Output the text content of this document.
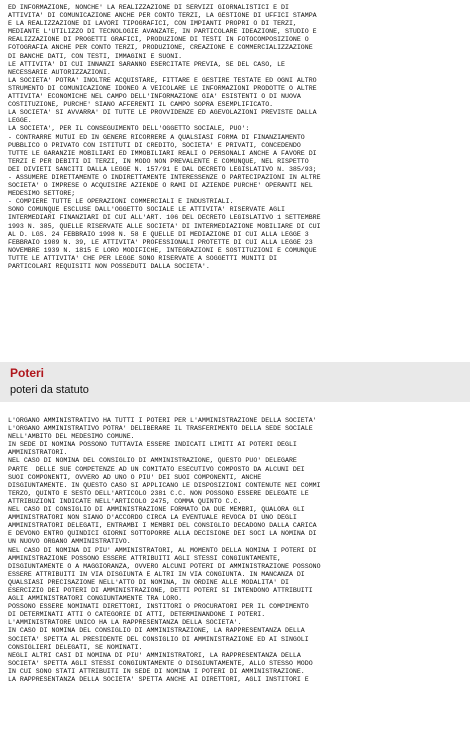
ED INFORMAZIONE, NONCHE' LA REALIZZAZIONE DI SERVIZI GIORNALISTICI E DI
ATTIVITA' DI COMUNICAZIONE ANCHE PER CONTO TERZI, LA GESTIONE DI UFFICI STAMPA
E LA REALIZZAZIONE DI LAVORI TIPOGRAFICI, CON IMPIANTI PROPRI O DI TERZI,
MEDIANTE L'UTILIZZO DI TECNOLOGIE AVANZATE, IN PARTICOLARE IDEAZIONE, STUDIO E
REALIZZAZIONE DI PROGETTI GRAFICI, PRODUZIONE DI TESTI IN FOTOCOMPOSIZIONE O
FOTOGRAFIA ANCHE PER CONTO TERZI, PRODUZIONE, CREAZIONE E COMMERCIALIZZAZIONE
DI BANCHE DATI, CON TESTI, IMMAGINI E SUONI.
LE ATTIVITA' DI CUI INNANZI SARANNO ESERCITATE PREVIA, SE DEL CASO, LE
NECESSARIE AUTORIZZAZIONI.
LA SOCIETA' POTRA' INOLTRE ACQUISTARE, FITTARE E GESTIRE TESTATE ED OGNI ALTRO
STRUMENTO DI COMUNICAZIONE IDONEO A VEICOLARE LE INFORMAZIONI PRODOTTE O ALTRE
ATTIVITA' ECONOMICHE NEL CAMPO DELL'INFORMAZIONE GIA' ESISTENTI O DI NUOVA
COSTITUZIONE, PURCHE' SIANO AFFERENTI IL CAMPO SOPRA ESEMPLIFICATO.
LA SOCIETA' SI AVVARRA' DI TUTTE LE PROVVIDENZE ED AGEVOLAZIONI PREVISTE DALLA
LEGGE.
LA SOCIETA', PER IL CONSEGUIMENTO DELL'OGGETTO SOCIALE, PUO':
- CONTRARRE MUTUI ED IN GENERE RICORRERE A QUALSIASI FORMA DI FINANZIAMENTO
PUBBLICO O PRIVATO CON ISTITUTI DI CREDITO, SOCIETA' E PRIVATI, CONCEDENDO
TUTTE LE GARANZIE MOBILIARI ED IMMOBILIARI REALI O PERSONALI ANCHE A FAVORE DI
TERZI E PER DEBITI DI TERZI, IN MODO NON PREVALENTE E COMUNQUE, NEL RISPETTO
DEI DIVIETI SANCITI DALLA LEGGE N. 157/91 E DAL DECRETO LEGISLATIVO N. 385/93;
- ASSUMERE DIRETTAMENTE O INDIRETTAMENTE INTERESSENZE O PARTECIPAZIONI IN ALTRE
SOCIETA' O IMPRESE O ACQUISIRE AZIENDE O RAMI DI AZIENDE PURCHE' OPERANTI NEL
MEDESIMO SETTORE;
- COMPIERE TUTTE LE OPERAZIONI COMMERCIALI E INDUSTRIALI.
SONO COMUNQUE ESCLUSE DALL'OGGETTO SOCIALE LE ATTIVITA' RISERVATE AGLI
INTERMEDIARI FINANZIARI DI CUI ALL'ART. 106 DEL DECRETO LEGISLATIVO 1 SETTEMBRE
1993 N. 385, QUELLE RISERVATE ALLE SOCIETA' DI INTERMEDIAZIONE MOBILIARE DI CUI
AL D. LGS. 24 FEBBRAIO 1998 N. 58 E QUELLE DI MEDIAZIONE DI CUI ALLA LEGGE 3
FEBBRAIO 1989 N. 39, LE ATTIVITA' PROFESSIONALI PROTETTE DI CUI ALLA LEGGE 23
NOVEMBRE 1939 N. 1815 E LORO MODIFICHE, INTEGRAZIONI E SOSTITUZIONI E COMUNQUE
TUTTE LE ATTIVITA' CHE PER LEGGE SONO RISERVATE A SOGGETTI MUNITI DI
PARTICOLARI REQUISITI NON POSSEDUTI DALLA SOCIETA'.
Poteri
poteri da statuto
L'ORGANO AMMINISTRATIVO HA TUTTI I POTERI PER L'AMMINISTRAZIONE DELLA SOCIETA'
L'ORGANO AMMINISTRATIVO POTRA' DELIBERARE IL TRASFERIMENTO DELLA SEDE SOCIALE
NELL'AMBITO DEL MEDESIMO COMUNE.
IN SEDE DI NOMINA POSSONO TUTTAVIA ESSERE INDICATI LIMITI AI POTERI DEGLI
AMMINISTRATORI.
NEL CASO DI NOMINA DEL CONSIGLIO DI AMMINISTRAZIONE, QUESTO PUO' DELEGARE
PARTE  DELLE SUE COMPETENZE AD UN COMITATO ESECUTIVO COMPOSTO DA ALCUNI DEI
SUOI COMPONENTI, OVVERO AD UNO O PIU' DEI SUOI COMPONENTI, ANCHE
DISGIUNTAMENTE. IN QUESTO CASO SI APPLICANO LE DISPOSIZIONI CONTENUTE NEI COMMI
TERZO, QUINTO E SESTO DELL'ARTICOLO 2381 C.C. NON POSSONO ESSERE DELEGATE LE
ATTRIBUZIONI INDICATE NELL'ARTICOLO 2475, COMMA QUINTO C.C.
NEL CASO DI CONSIGLIO DI AMMINISTRAZIONE FORMATO DA DUE MEMBRI, QUALORA GLI
AMMINISTRATORI NON SIANO D'ACCORDO CIRCA LA EVENTUALE REVOCA DI UNO DEGLI
AMMINISTRATORI DELEGATI, ENTRAMBI I MEMBRI DEL CONSIGLIO DECADONO DALLA CARICA
E DEVONO ENTRO QUINDICI GIORNI SOTTOPORRE ALLA DECISIONE DEI SOCI LA NOMINA DI
UN NUOVO ORGANO AMMINISTRATIVO.
NEL CASO DI NOMINA DI PIU' AMMINISTRATORI, AL MOMENTO DELLA NOMINA I POTERI DI
AMMINISTRAZIONE POSSONO ESSERE ATTRIBUITI AGLI STESSI CONGIUNTAMENTE,
DISGIUNTAMENTE O A MAGGIORANZA, OVVERO ALCUNI POTERI DI AMMINISTRAZIONE POSSONO
ESSERE ATTRIBUITI IN VIA DISGIUNTA E ALTRI IN VIA CONGIUNTA. IN MANCANZA DI
QUALSIASI PRECISAZIONE NELL'ATTO DI NOMINA, IN ORDINE ALLE MODALITA' DI
ESERCIZIO DEI POTERI DI AMMINISTRAZIONE, DETTI POTERI SI INTENDONO ATTRIBUITI
AGLI AMMINISTRATORI CONGIUNTAMENTE TRA LORO.
POSSONO ESSERE NOMINATI DIRETTORI, INSTITORI O PROCURATORI PER IL COMPIMENTO
DI DETERMINATI ATTI O CATEGORIE DI ATTI, DETERMINANDONE I POTERI.
L'AMMINISTRATORE UNICO HA LA RAPPRESENTANZA DELLA SOCIETA'.
IN CASO DI NOMINA DEL CONSIGLIO DI AMMINISTRAZIONE, LA RAPPRESENTANZA DELLA
SOCIETA' SPETTA AL PRESIDENTE DEL CONSIGLIO DI AMMINISTRAZIONE ED AI SINGOLI
CONSIGLIERI DELEGATI, SE NOMINATI.
NEGLI ALTRI CASI DI NOMINA DI PIU' AMMINISTRATORI, LA RAPPRESENTANZA DELLA
SOCIETA' SPETTA AGLI STESSI CONGIUNTAMENTE O DISGIUNTAMENTE, ALLO STESSO MODO
IN CUI SONO STATI ATTRIBUITI IN SEDE DI NOMINA I POTERI DI AMMINISTRAZIONE.
LA RAPPRESENTANZA DELLA SOCIETA' SPETTA ANCHE AI DIRETTORI, AGLI INSTITORI E
